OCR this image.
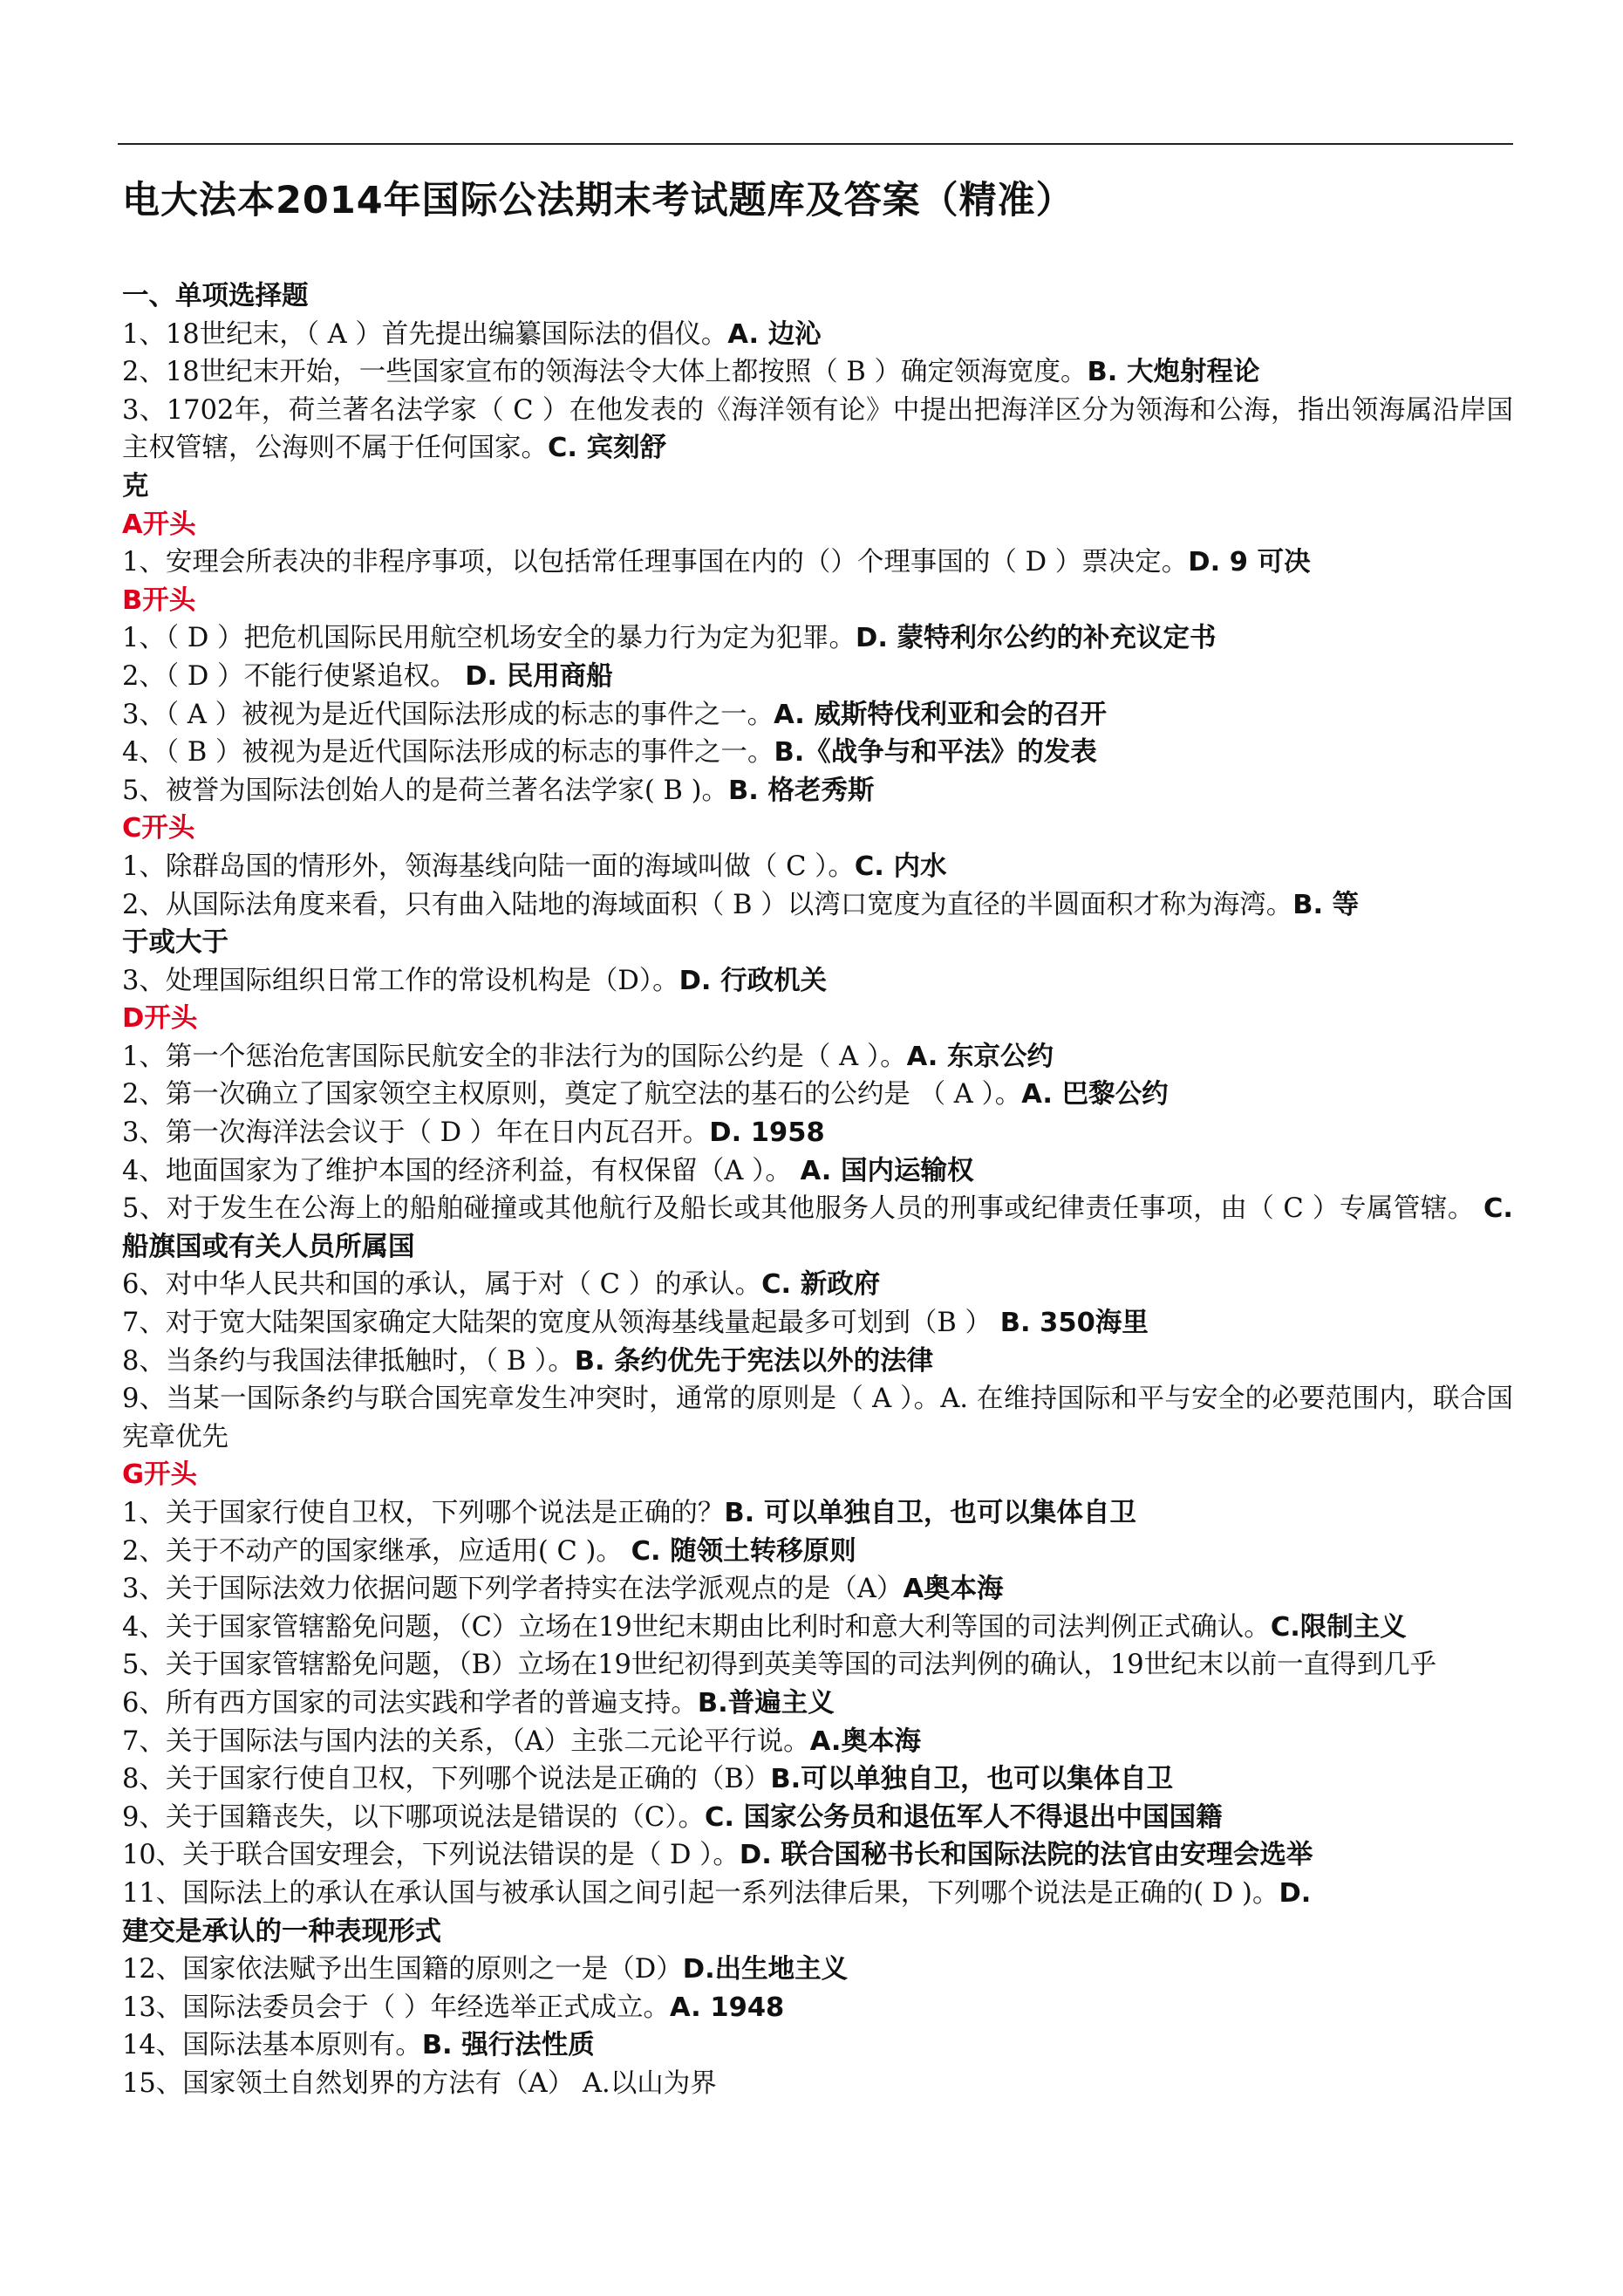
电大法本2014年国际公法期末考试题库及答案（精准）
一、单项选择题
1、18世纪末，（ A ）首先提出编纂国际法的倡仪。A. 边沁
2、18世纪末开始，一些国家宣布的领海法令大体上都按照（ B ）确定领海宽度。B. 大炮射程论
3、1702年，荷兰著名法学家（ C ）在他发表的《海洋领有论》中提出把海洋区分为领海和公海，指出领海属沿岸国主权管辖，公海则不属于任何国家。C. 宾刻舒
克
A开头
1、安理会所表决的非程序事项，以包括常任理事国在内的（）个理事国的（ D ）票决定。D. 9 可决
B开头
1、（ D ）把危机国际民用航空机场安全的暴力行为定为犯罪。D. 蒙特利尔公约的补充议定书
2、（ D ）不能行使紧追权。 D. 民用商船
3、（ A ）被视为是近代国际法形成的标志的事件之一。A. 威斯特伐利亚和会的召开
4、（ B ）被视为是近代国际法形成的标志的事件之一。B.《战争与和平法》的发表
5、被誉为国际法创始人的是荷兰著名法学家( B )。B. 格老秀斯
C开头
1、除群岛国的情形外，领海基线向陆一面的海域叫做（ C ）。C. 内水
2、从国际法角度来看，只有曲入陆地的海域面积（ B ）以湾口宽度为直径的半圆面积才称为海湾。B. 等
于或大于
3、处理国际组织日常工作的常设机构是（D）。D. 行政机关
D开头
1、第一个惩治危害国际民航安全的非法行为的国际公约是（ A ）。A. 东京公约
2、第一次确立了国家领空主权原则，奠定了航空法的基石的公约是 （ A ）。A. 巴黎公约
3、第一次海洋法会议于（ D ）年在日内瓦召开。D. 1958
4、地面国家为了维护本国的经济利益，有权保留（A ）。 A. 国内运输权
5、对于发生在公海上的船舶碰撞或其他航行及船长或其他服务人员的刑事或纪律责任事项，由（ C ）专属管辖。 C. 船旗国或有关人员所属国
6、对中华人民共和国的承认，属于对（ C ）的承认。C. 新政府
7、对于宽大陆架国家确定大陆架的宽度从领海基线量起最多可划到（B ） B. 350海里
8、当条约与我国法律抵触时，（ B ）。B. 条约优先于宪法以外的法律
9、当某一国际条约与联合国宪章发生冲突时，通常的原则是（ A ）。A. 在维持国际和平与安全的必要范围内，联合国宪章优先
G开头
1、关于国家行使自卫权，下列哪个说法是正确的？B. 可以单独自卫，也可以集体自卫
2、关于不动产的国家继承，应适用( C )。 C. 随领土转移原则
3、关于国际法效力依据问题下列学者持实在法学派观点的是（A）A奥本海
4、关于国家管辖豁免问题，（C）立场在19世纪末期由比利时和意大利等国的司法判例正式确认。C.限制主义
5、关于国家管辖豁免问题，（B）立场在19世纪初得到英美等国的司法判例的确认，19世纪末以前一直得到几乎
6、所有西方国家的司法实践和学者的普遍支持。B.普遍主义
7、关于国际法与国内法的关系，（A）主张二元论平行说。A.奥本海
8、关于国家行使自卫权，下列哪个说法是正确的（B）B.可以单独自卫，也可以集体自卫
9、关于国籍丧失，以下哪项说法是错误的（C）。C. 国家公务员和退伍军人不得退出中国国籍
10、关于联合国安理会，下列说法错误的是（ D ）。D. 联合国秘书长和国际法院的法官由安理会选举
11、国际法上的承认在承认国与被承认国之间引起一系列法律后果，下列哪个说法是正确的( D )。D.
建交是承认的一种表现形式
12、国家依法赋予出生国籍的原则之一是（D）D.出生地主义
13、国际法委员会于（ ）年经选举正式成立。A. 1948
14、国际法基本原则有。B. 强行法性质
15、国家领土自然划界的方法有（A） A.以山为界
